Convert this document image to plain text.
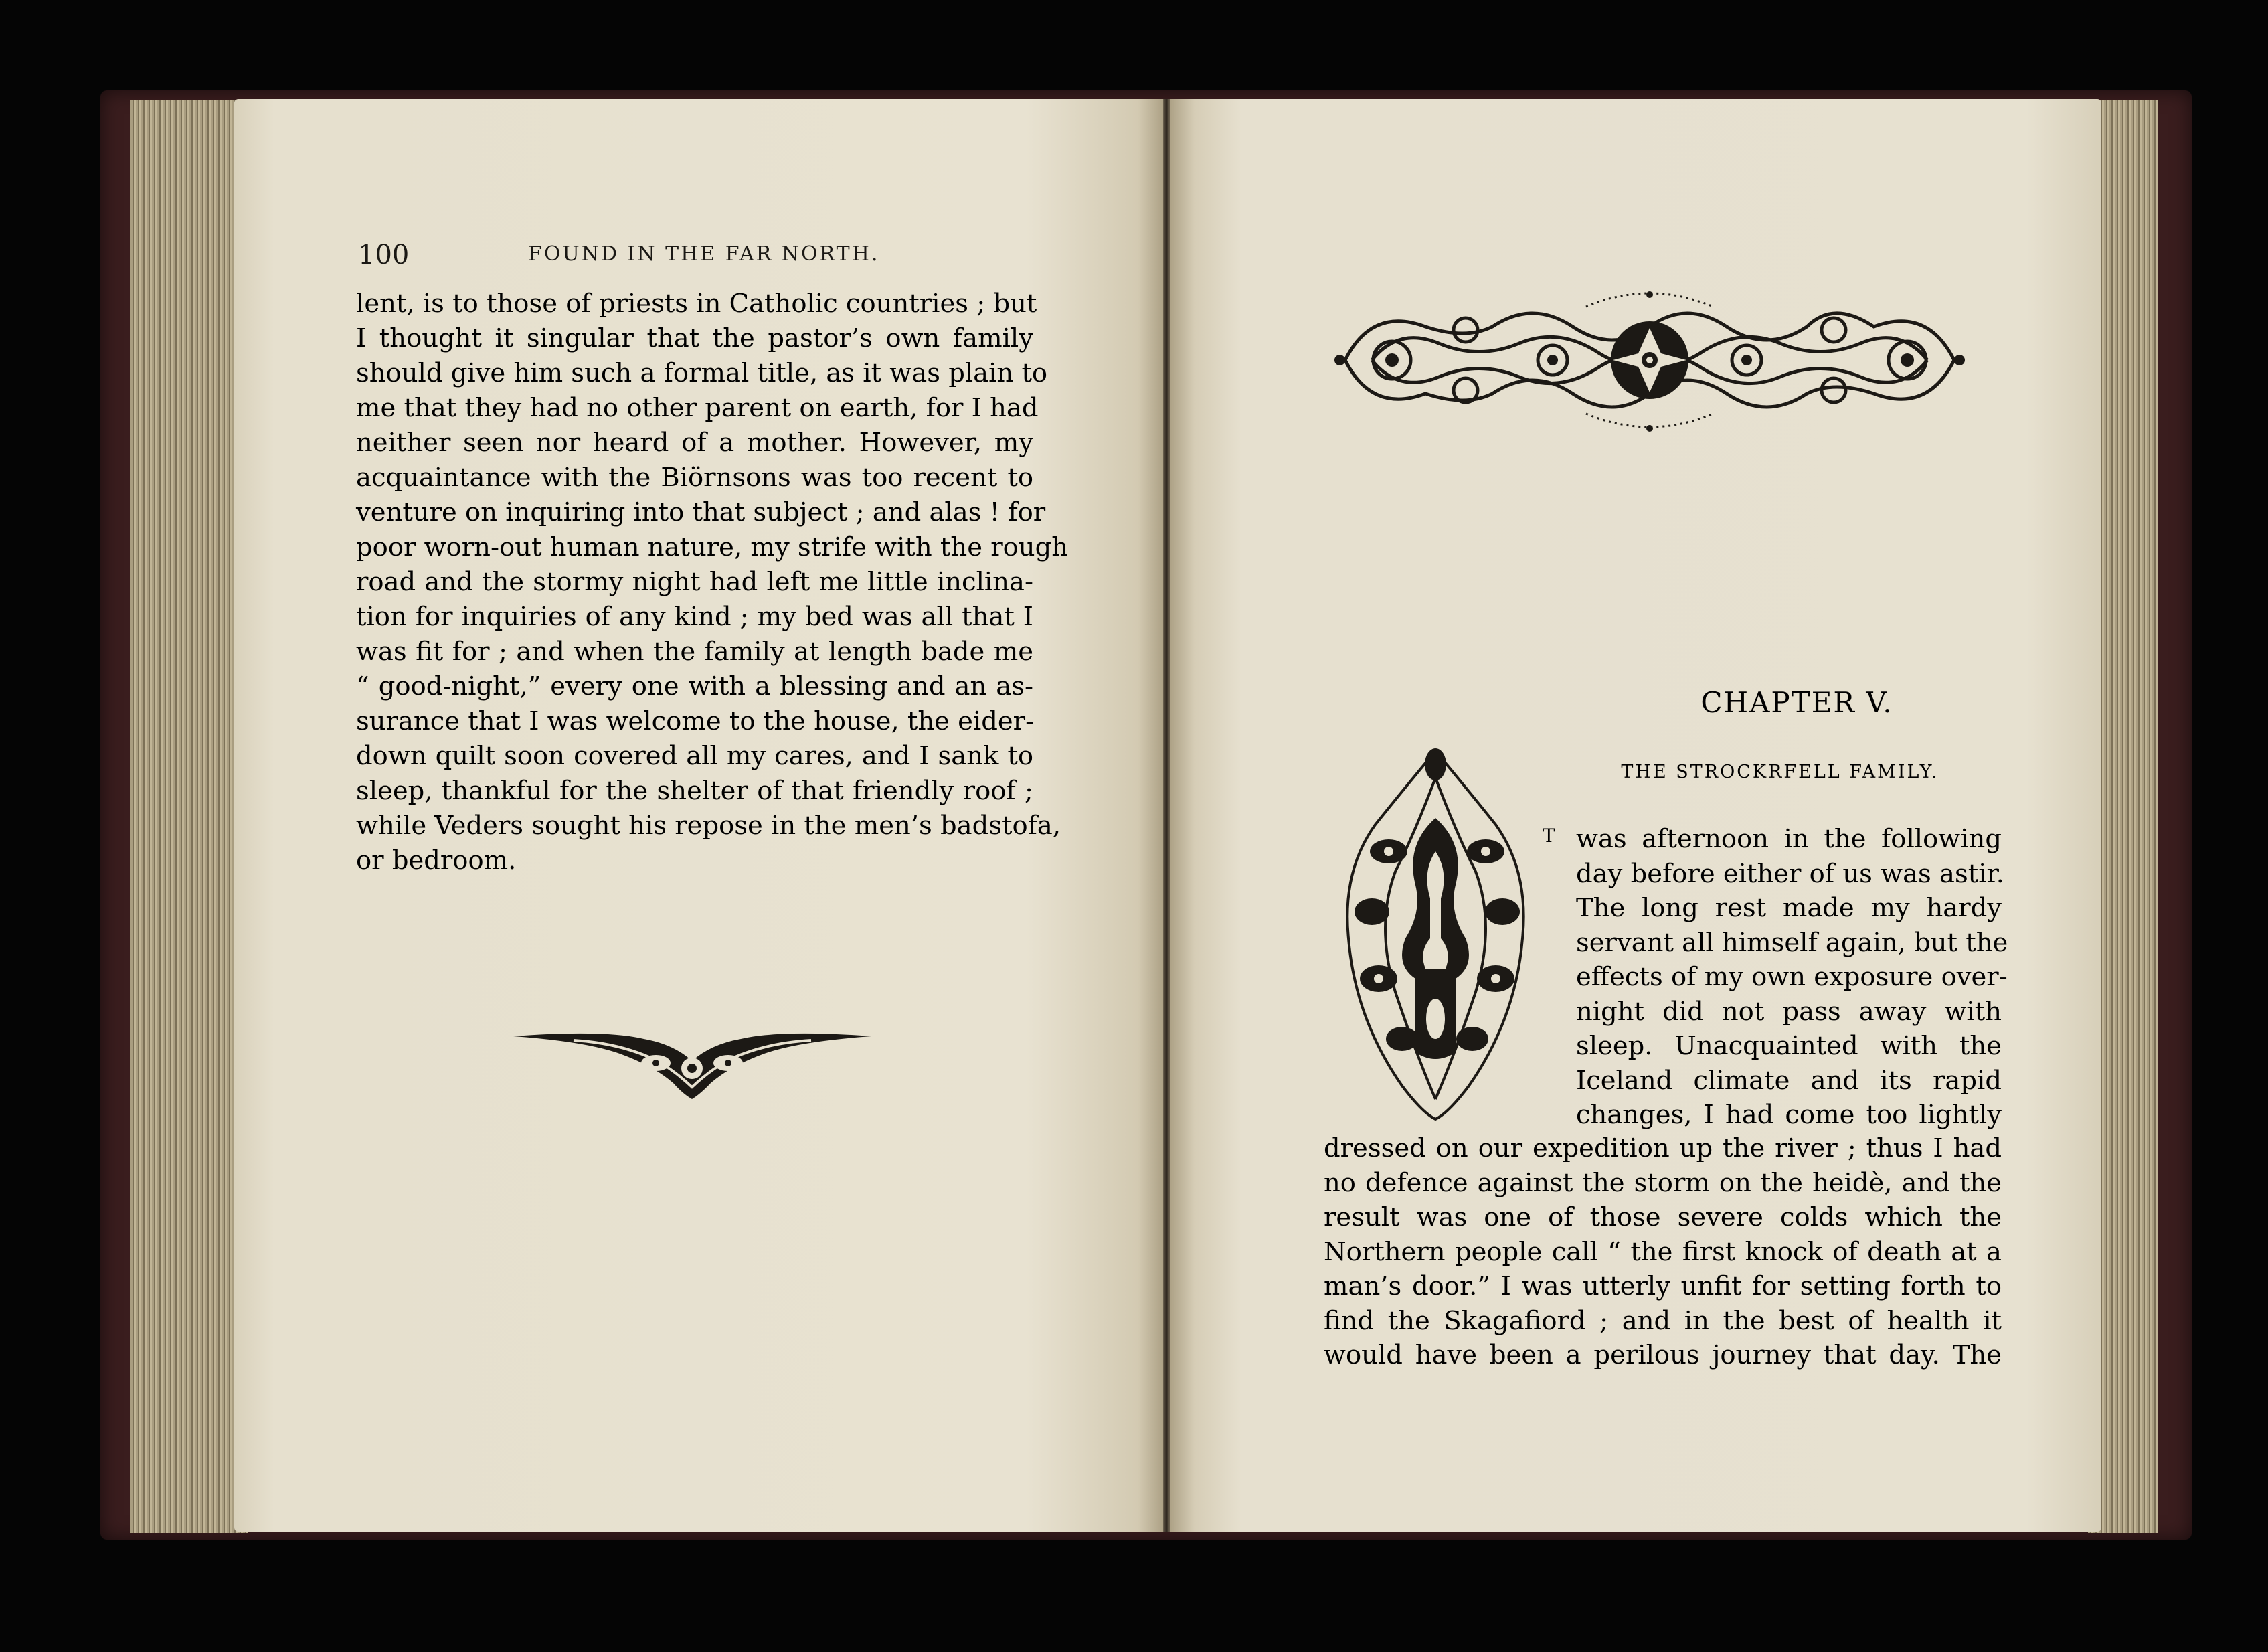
100	FOUND IN THE FAR NORTH.
lent, is to those of priests in Catholic countries ; but
I thought it singular that the pastor’s own family
should give him such a formal title, as it was plain to
me that they had no other parent on earth, for I had
neither seen nor heard of a mother. However, my
acquaintance with the Biörnsons was too recent to
venture on inquiring into that subject ; and alas ! for
poor worn-out human nature, my strife with the rough
road and the stormy night had left me little inclina-
tion for inquiries of any kind ; my bed was all that I
was fit for ; and when the family at length bade me
“ good-night,” every one with a blessing and an as-
surance that I was welcome to the house, the eider-
down quilt soon covered all my cares, and I sank to
sleep, thankful for the shelter of that friendly roof ;
while Veders sought his repose in the men’s badstofa,
or bedroom.
CHAPTER V.
THE STROCKRFELL FAMILY.
T was afternoon in the following
day before either of us was astir.
The long rest made my hardy
servant all himself again, but the
effects of my own exposure over-
night did not pass away with
sleep. Unacquainted with the
Iceland climate and its rapid
changes, I had come too lightly
dressed on our expedition up the river ; thus I had
no defence against the storm on the heidè, and the
result was one of those severe colds which the
Northern people call “ the first knock of death at a
man’s door.” I was utterly unfit for setting forth to
find the Skagafiord ; and in the best of health it
would have been a perilous journey that day. The
